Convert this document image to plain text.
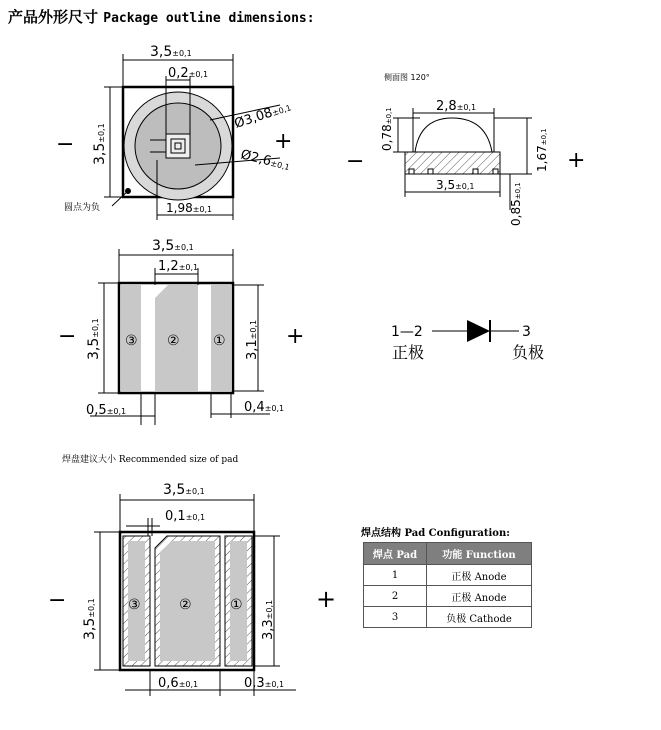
产品外形尺寸 Package outline dimensions:
3,5±0,1
0,2±0,1
3,5±0,1
Ø3,08±0,1
Ø2,6±0,1
1,98±0,1
圆点为负
−	+
侧面图 120°
2,8±0,1
0,78±0,1
1,67±0,1
3,5±0,1
0,85±0,1
−	+
3,5±0,1
1,2±0,1
3,5±0,1
3,1±0,1
0,5±0,1	0,4±0,1
③ ② ①
−	+	1—2	3
正极	负极
3,5±0,1
0,1±0,1
3,5±0,1
3,3±0,1
0,6±0,1	0,3±0,1
③	②	①
−	+
焊盘建议大小 Recommended size of pad
焊点结构 Pad Configuration:
焊点 Pad	功能 Function
1	正极 Anode
2	正极 Anode
3	负极 Cathode
